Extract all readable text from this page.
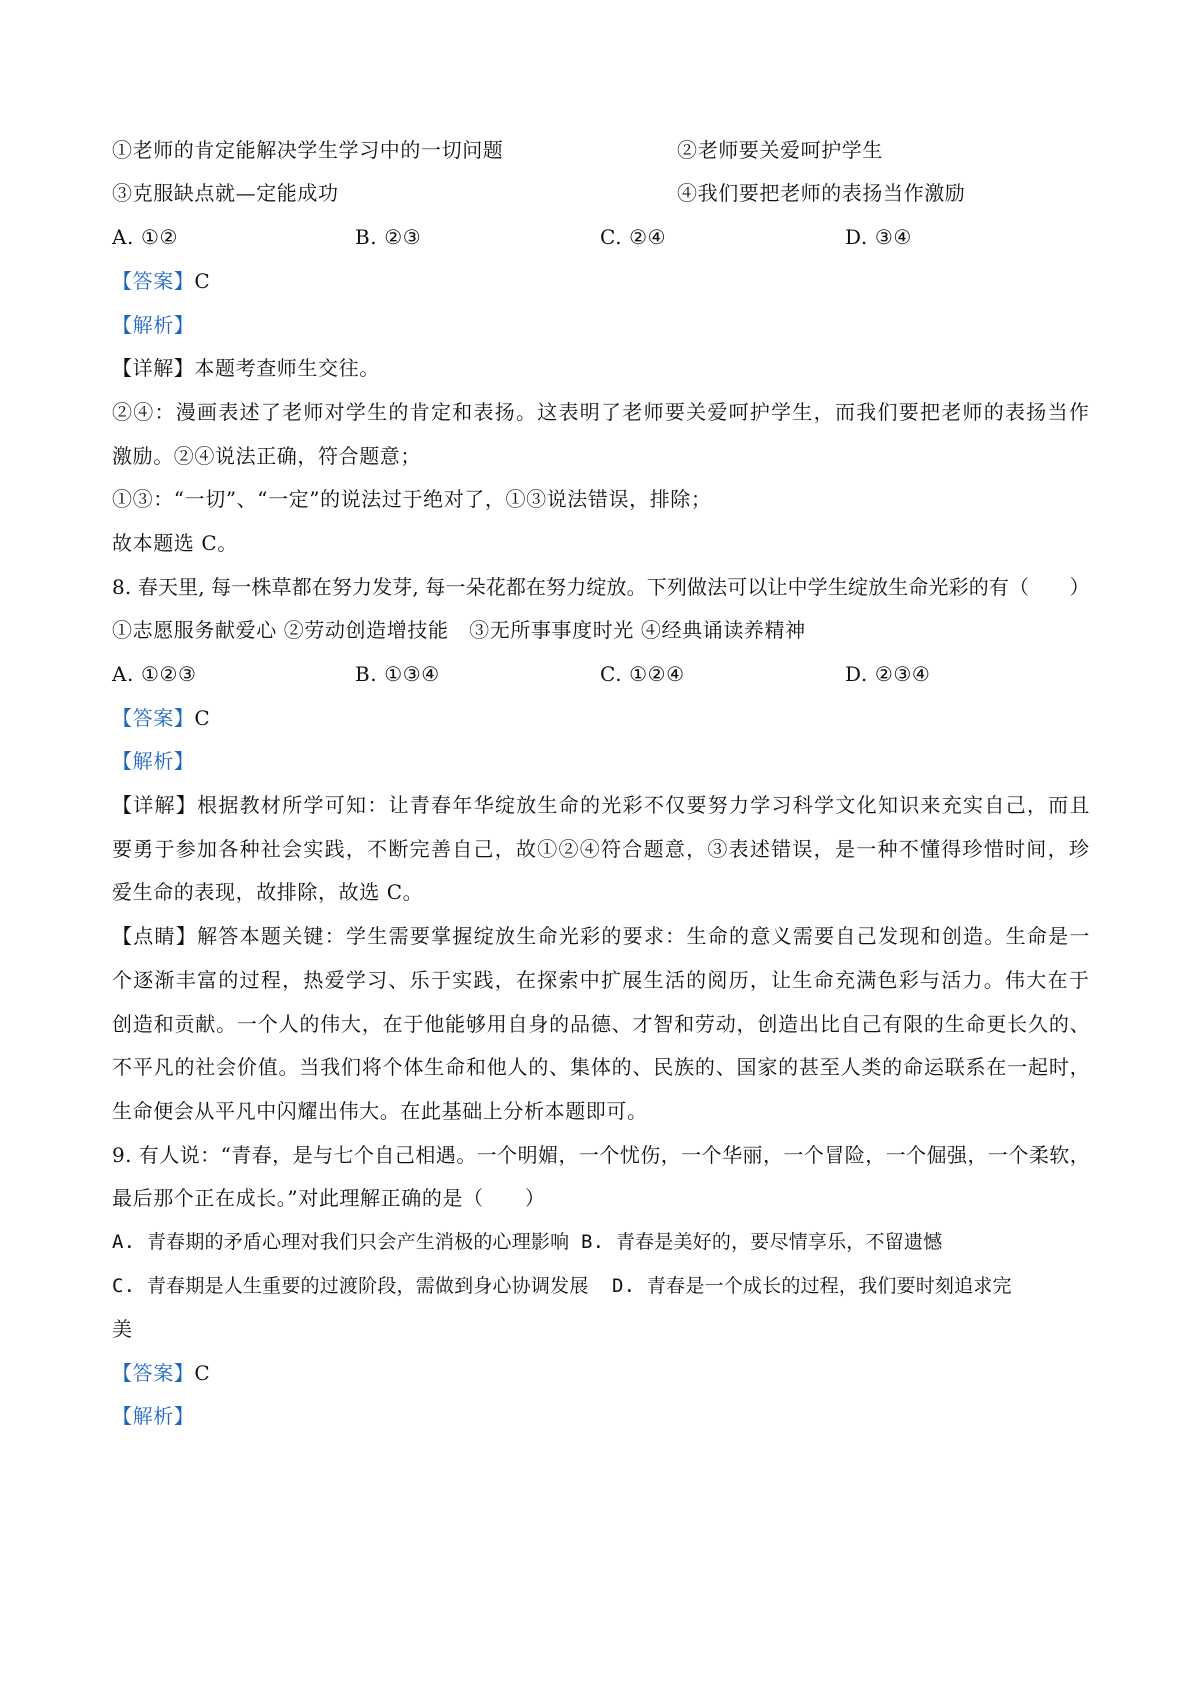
①老师的肯定能解决学生学习中的一切问题	②老师要关爱呵护学生
③克服缺点就—定能成功	④我们要把老师的表扬当作激励
A. ①②	B. ②③	C. ②④	D. ③④
【答案】C
【解析】
【详解】本题考查师生交往。
②④：漫画表述了老师对学生的肯定和表扬。这表明了老师要关爱呵护学生，而我们要把老师的表扬当作
激励。②④说法正确，符合题意；
①③：“一切”、“一定”的说法过于绝对了，①③说法错误，排除；
故本题选 C。
8. 春天里, 每一株草都在努力发芽, 每一朵花都在努力绽放。下列做法可以让中学生绽放生命光彩的有（　　）
①志愿服务献爱心 ②劳动创造增技能　③无所事事度时光 ④经典诵读养精神
A. ①②③	B. ①③④	C. ①②④	D. ②③④
【答案】C
【解析】
【详解】根据教材所学可知：让青春年华绽放生命的光彩不仅要努力学习科学文化知识来充实自己，而且
要勇于参加各种社会实践，不断完善自己，故①②④符合题意，③表述错误，是一种不懂得珍惜时间，珍
爱生命的表现，故排除，故选 C。
【点睛】解答本题关键：学生需要掌握绽放生命光彩的要求：生命的意义需要自己发现和创造。生命是一
个逐渐丰富的过程，热爱学习、乐于实践，在探索中扩展生活的阅历，让生命充满色彩与活力。伟大在于
创造和贡献。一个人的伟大，在于他能够用自身的品德、才智和劳动，创造出比自己有限的生命更长久的、
不平凡的社会价值。当我们将个体生命和他人的、集体的、民族的、国家的甚至人类的命运联系在一起时，
生命便会从平凡中闪耀出伟大。在此基础上分析本题即可。
9. 有人说：“青春，是与七个自己相遇。一个明媚，一个忧伤，一个华丽，一个冒险，一个倔强，一个柔软，
最后那个正在成长。”对此理解正确的是（　　）
A. 青春期的矛盾心理对我们只会产生消极的心理影响 B. 青春是美好的，要尽情享乐，不留遗憾
C. 青春期是人生重要的过渡阶段，需做到身心协调发展 D. 青春是一个成长的过程，我们要时刻追求完
美
【答案】C
【解析】
